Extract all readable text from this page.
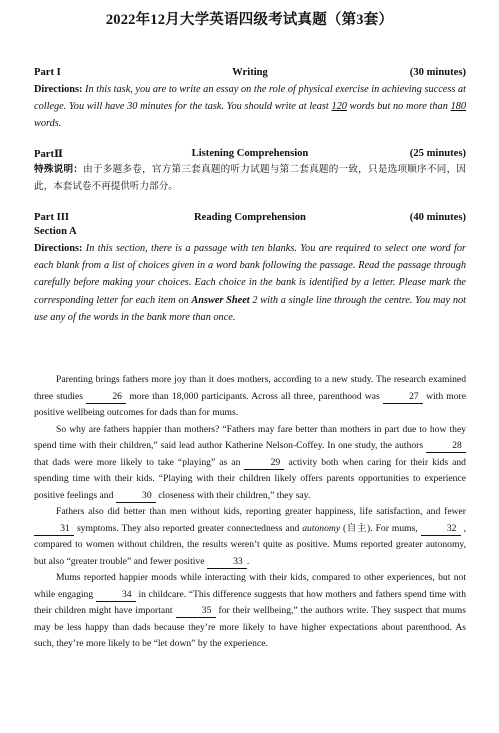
2022年12月大学英语四级考试真题（第3套）
Part I	Writing	(30 minutes)
Directions: In this task, you are to write an essay on the role of physical exercise in achieving success at college. You will have 30 minutes for the task. You should write at least 120 words but no more than 180 words.
PartⅡ	Listening Comprehension	(25 minutes)
特殊说明：由于多题多卷，官方第三套真题的听力试题与第二套真题的一致，只是选项顺序不同，因此，本套试卷不再提供听力部分。
Part III	Reading Comprehension	(40 minutes)
Section A
Directions: In this section, there is a passage with ten blanks. You are required to select one word for each blank from a list of choices given in a word bank following the passage. Read the passage through carefully before making your choices. Each choice in the bank is identified by a letter. Please mark the corresponding letter for each item on Answer Sheet 2 with a single line through the centre. You may not use any of the words in the bank more than once.

Parenting brings fathers more joy than it does mothers, according to a new study. The research examined three studies	26 more than 18,000 participants. Across all three, parenthood was	27 with more positive wellbeing outcomes for dads than for mums.

So why are fathers happier than mothers? “Fathers may fare better than mothers in part due to how they spend time with their children,” said lead author Katherine Nelson-Coffey. In one study, the authors	28 that dads were more likely to take “playing” as an	29 activity both when caring for their kids and spending time with their kids. “Playing with their children likely offers parents opportunities to experience positive feelings and	30 closeness with their children,” they say.

Fathers also did better than men without kids, reporting greater happiness, life satisfaction, and fewer 31 symptoms. They also reported greater connectedness and autonomy (自主). For mums,	32 , compared to women without children, the results weren’t quite as positive. Mums reported greater autonomy, but also “greater trouble” and fewer positive	33 .

Mums reported happier moods while interacting with their kids, compared to other experiences, but not while engaging	34 in childcare. “This difference suggests that how mothers and fathers spend time with their children might have important	35 for their wellbeing,” the authors write. They suspect that mums may be less happy than dads because they’re more likely to have higher expectations about parenthood. As such, they’re more likely to be “let down” by the experience.
